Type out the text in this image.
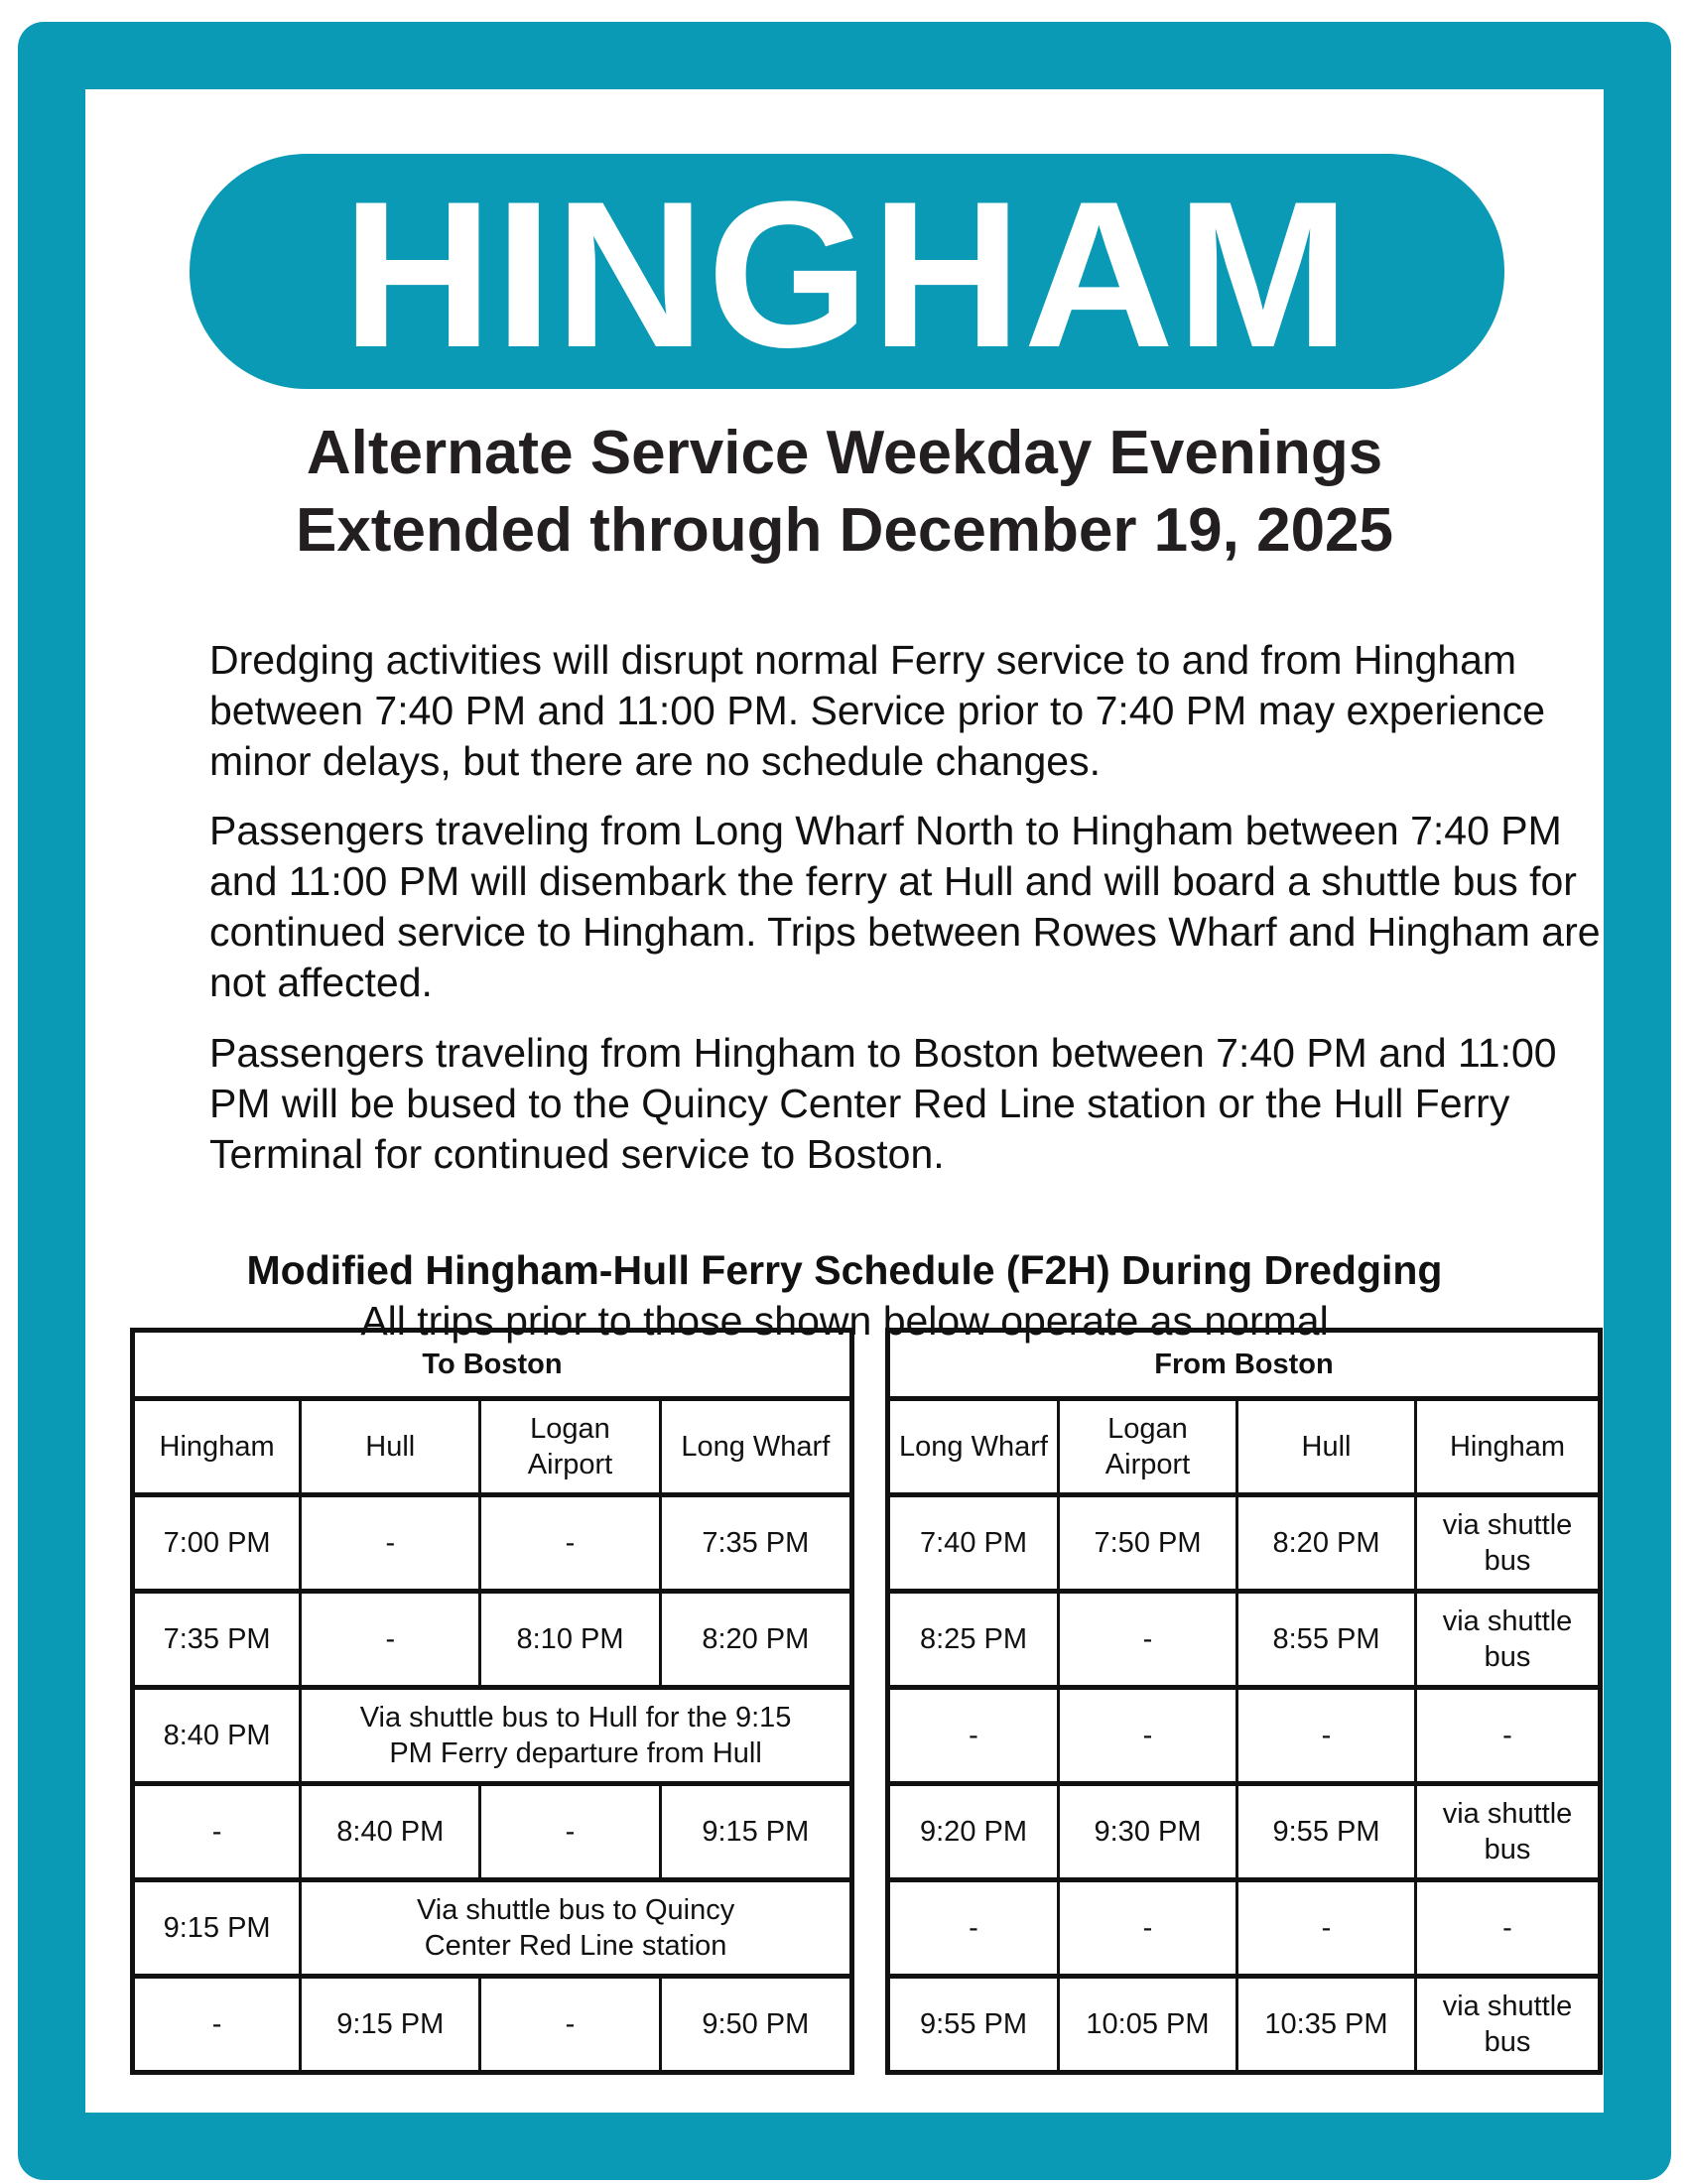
HINGHAM
Alternate Service Weekday Evenings
Extended through December 19, 2025
Dredging activities will disrupt normal Ferry service to and from Hingham between 7:40 PM and 11:00 PM. Service prior to 7:40 PM may experience minor delays, but there are no schedule changes.
Passengers traveling from Long Wharf North to Hingham between 7:40 PM and 11:00 PM will disembark the ferry at Hull and will board a shuttle bus for continued service to Hingham. Trips between Rowes Wharf and Hingham are not affected.
Passengers traveling from Hingham to Boston between 7:40 PM and 11:00 PM will be bused to the Quincy Center Red Line station or the Hull Ferry Terminal for continued service to Boston.
Modified Hingham-Hull Ferry Schedule (F2H) During Dredging
All trips prior to those shown below operate as normal
To Boston			
Hingham	Hull	Logan Airport	Long Wharf
7:00 PM	-	-	7:35 PM
7:35 PM	-	8:10 PM	8:20 PM
8:40 PM	Via shuttle bus to Hull for the 9:15 PM Ferry departure from Hull		
-	8:40 PM	-	9:15 PM
9:15 PM	Via shuttle bus to Quincy Center Red Line station		
-	9:15 PM	-	9:50 PM
From Boston			
Long Wharf	Logan Airport	Hull	Hingham
7:40 PM	7:50 PM	8:20 PM	via shuttle bus
8:25 PM	-	8:55 PM	via shuttle bus
-	-	-	-
9:20 PM	9:30 PM	9:55 PM	via shuttle bus
-	-	-	-
9:55 PM	10:05 PM	10:35 PM	via shuttle bus
